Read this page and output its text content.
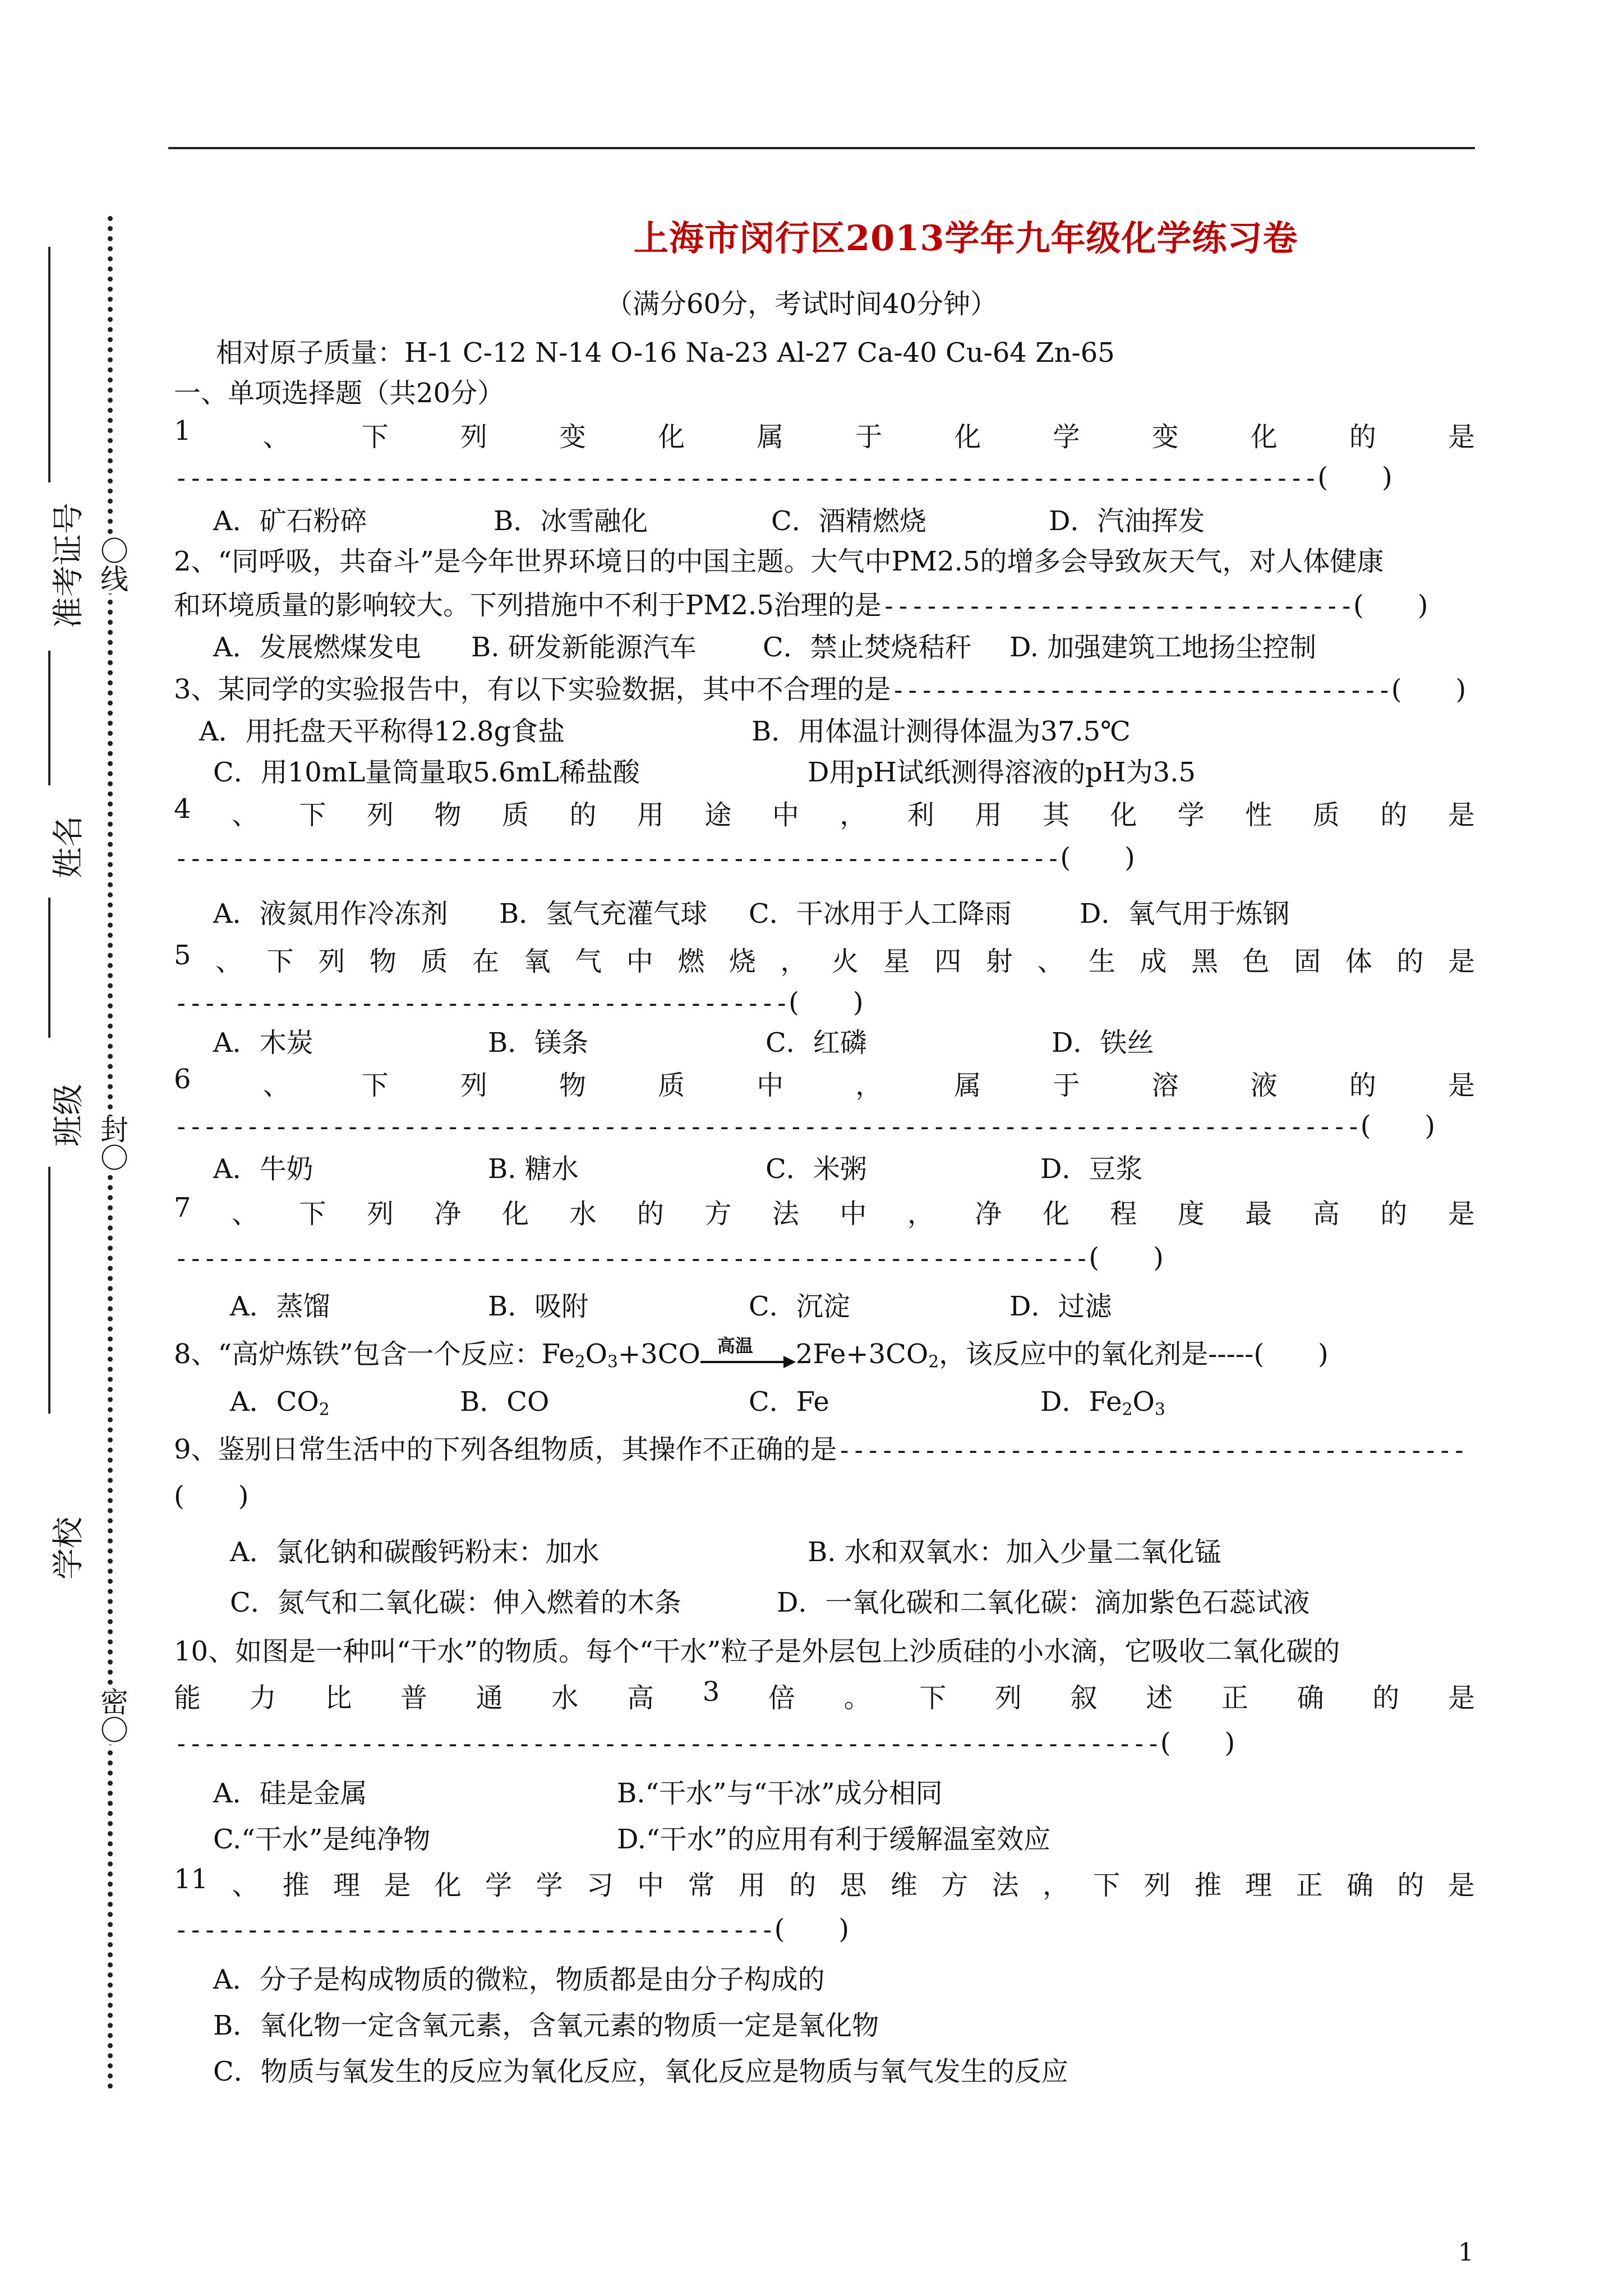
〇线
封〇
密〇
准考证号
姓名
班级
学校
上海市闵行区2013学年九年级化学练习卷
（满分60分，考试时间40分钟）
相对原子质量：H-1 C-12 N-14 O-16 Na-23 Al-27 Ca-40 Cu-64 Zn-65
一、单项选择题（共20分）
1	、	下	列	变	化	属	于	化	学	变	化	的	是
--------------------------------------------------------------------------------(　　)
A．矿石粉碎	B．冰雪融化	C．酒精燃烧	D．汽油挥发
2、“同呼吸，共奋斗”是今年世界环境日的中国主题。大气中PM2.5的增多会导致灰天气，对人体健康
和环境质量的影响较大。下列措施中不利于PM2.5治理的是---------------------------------(　　)
A．发展燃煤发电 B. 研发新能源汽车 C．禁止焚烧秸秆 D. 加强建筑工地扬尘控制
3、某同学的实验报告中，有以下实验数据，其中不合理的是-----------------------------------(　　)
A．用托盘天平称得12.8g食盐	B．用体温计测得体温为37.5℃
C．用10mL量筒量取5.6mL稀盐酸	D用pH试纸测得溶液的pH为3.5
4 、 下 列 物 质 的 用 途 中 ， 利 用 其 化 学 性 质 的 是
--------------------------------------------------------------(　　)
A．液氮用作冷冻剂 B．氢气充灌气球 C．干冰用于人工降雨	D．氧气用于炼钢
5 、 下 列 物 质 在 氧 气 中 燃 烧 ， 火 星 四 射 、 生 成 黑 色 固 体 的 是
-------------------------------------------(　　)
A．木炭	B．镁条	C．红磷	D．铁丝
6	、	下	列	物	质	中	，	属	于	溶	液	的	是
-----------------------------------------------------------------------------------(　　)
A．牛奶	B. 糖水	C．米粥	D．豆浆
7 、 下 列 净 化 水 的 方 法 中 ， 净 化 程 度 最 高 的 是
----------------------------------------------------------------(　　)
A．蒸馏	B．吸附	C．沉淀	D．过滤
8、“高炉炼铁”包含一个反应：$Fe_2O_3+3CO$ 高温 $2Fe+3CO_2$，该反应中的氧化剂是-----(　　)
A．$CO_2$	B．CO	C．Fe	D．$Fe_2O_3$
9、鉴别日常生活中的下列各组物质，其操作不正确的是--------------------------------------------
(　　)
A．氯化钠和碳酸钙粉末：加水	B. 水和双氧水：加入少量二氧化锰
C．氮气和二氧化碳：伸入燃着的木条	D．一氧化碳和二氧化碳：滴加紫色石蕊试液
10、如图是一种叫“干水”的物质。每个“干水”粒子是外层包上沙质硅的小水滴，它吸收二氧化碳的
能 力 比 普 通 水 高 3 倍 。 下 列 叙 述 正 确 的 是
---------------------------------------------------------------------(　　)
A．硅是金属	B.“干水”与“干冰”成分相同
C.“干水”是纯净物	D.“干水”的应用有利于缓解温室效应
11 、 推 理 是 化 学 学 习 中 常 用 的 思 维 方 法 ， 下 列 推 理 正 确 的 是
------------------------------------------(　　)
A．分子是构成物质的微粒，物质都是由分子构成的
B．氧化物一定含氧元素，含氧元素的物质一定是氧化物
C．物质与氧发生的反应为氧化反应，氧化反应是物质与氧气发生的反应
1
